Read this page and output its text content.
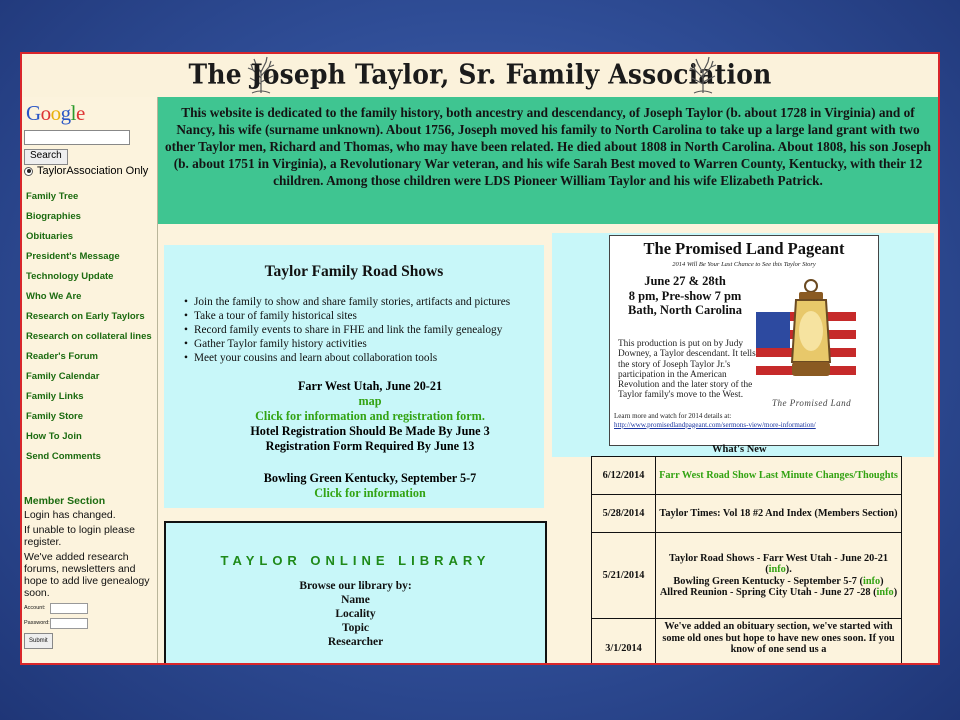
The Joseph Taylor, Sr. Family Association
Google
Search
TaylorAssociation Only
Family Tree
Biographies
Obituaries
President's Message
Technology Update
Who We Are
Research on Early Taylors
Research on collateral lines
Reader's Forum
Family Calendar
Family Links
Family Store
How To Join
Send Comments
Member Section

Login has changed.

If unable to login please register.

We've added research forums, newsletters and hope to add live genealogy soon.

Account:
Password:
Submit
This website is dedicated to the family history, both ancestry and descendancy, of Joseph Taylor (b. about 1728 in Virginia) and of Nancy, his wife (surname unknown). About 1756, Joseph moved his family to North Carolina to take up a large land grant with two other Taylor men, Richard and Thomas, who may have been related. He died about 1808 in North Carolina. About 1808, his son Joseph (b. about 1751 in Virginia), a Revolutionary War veteran, and his wife Sarah Best moved to Warren County, Kentucky, with their 12 children. Among those children were LDS Pioneer William Taylor and his wife Elizabeth Patrick.
Taylor Family Road Shows
• Join the family to show and share family stories, artifacts and pictures
• Take a tour of family historical sites
• Record family events to share in FHE and link the family genealogy
• Gather Taylor family history activities
• Meet your cousins and learn about collaboration tools
Farr West Utah, June 20-21
map
Click for information and registration form.
Hotel Registration Should Be Made By June 3
Registration Form Required By June 13
Bowling Green Kentucky, September 5-7
Click for information
The Promised Land Pageant
2014 Will Be Your Last Chance to See this Taylor Story
June 27 & 28th
8 pm, Pre-show 7 pm
Bath, North Carolina
This production is put on by Judy Downey, a Taylor descendant. It tells the story of Joseph Taylor Jr.'s participation in the American Revolution and the later story of the Taylor family's move to the West.
The Promised Land
Learn more and watch for 2014 details at:
http://www.promisedlandpageant.com/sermons-view/more-information/
TAYLOR ONLINE LIBRARY
Browse our library by:
Name
Locality
Topic
Researcher
What's New
6/12/2014	Farr West Road Show Last Minute Changes/Thoughts
5/28/2014	Taylor Times: Vol 18 #2 And Index (Members Section)
5/21/2014	Taylor Road Shows - Farr West Utah - June 20-21 (info).
Bowling Green Kentucky - September 5-7 (info)
Allred Reunion - Spring City Utah - June 27 -28 (info)

3/1/2014	We've added an obituary section, we've started with some old ones but hope to have new ones soon. If you know of one send us a
